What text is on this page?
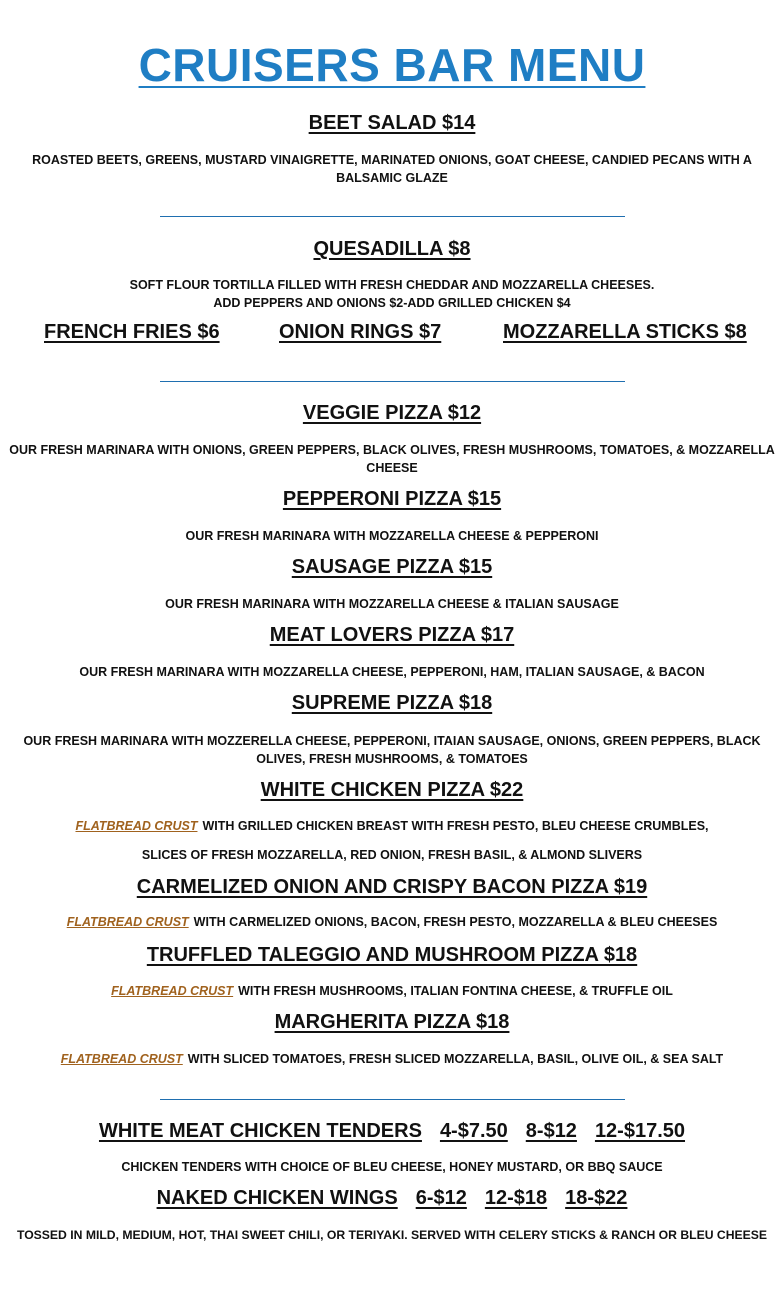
CRUISERS BAR MENU
BEET SALAD $14
ROASTED BEETS, GREENS, MUSTARD VINAIGRETTE, MARINATED ONIONS, GOAT CHEESE, CANDIED PECANS WITH A BALSAMIC GLAZE
QUESADILLA $8
SOFT FLOUR TORTILLA FILLED WITH FRESH CHEDDAR AND MOZZARELLA CHEESES.
ADD PEPPERS AND ONIONS $2-ADD GRILLED CHICKEN $4
FRENCH FRIES $6	ONION RINGS $7	MOZZARELLA STICKS $8
VEGGIE PIZZA $12
OUR FRESH MARINARA WITH ONIONS, GREEN PEPPERS, BLACK OLIVES, FRESH MUSHROOMS, TOMATOES, & MOZZARELLA CHEESE
PEPPERONI PIZZA $15
OUR FRESH MARINARA WITH MOZZARELLA CHEESE & PEPPERONI
SAUSAGE PIZZA $15
OUR FRESH MARINARA WITH MOZZARELLA CHEESE & ITALIAN SAUSAGE
MEAT LOVERS PIZZA $17
OUR FRESH MARINARA WITH MOZZARELLA CHEESE, PEPPERONI, HAM, ITALIAN SAUSAGE, & BACON
SUPREME PIZZA $18
OUR FRESH MARINARA WITH MOZZERELLA CHEESE, PEPPERONI, ITAIAN SAUSAGE, ONIONS, GREEN PEPPERS, BLACK OLIVES, FRESH MUSHROOMS, & TOMATOES
WHITE CHICKEN PIZZA $22
FLATBREAD CRUST WITH GRILLED CHICKEN BREAST WITH FRESH PESTO, BLEU CHEESE CRUMBLES,
SLICES OF FRESH MOZZARELLA, RED ONION, FRESH BASIL, & ALMOND SLIVERS
CARMELIZED ONION AND CRISPY BACON PIZZA $19
FLATBREAD CRUST WITH CARMELIZED ONIONS, BACON, FRESH PESTO, MOZZARELLA & BLEU CHEESES
TRUFFLED TALEGGIO AND MUSHROOM PIZZA $18
FLATBREAD CRUST WITH FRESH MUSHROOMS, ITALIAN FONTINA CHEESE, & TRUFFLE OIL
MARGHERITA PIZZA $18
FLATBREAD CRUST WITH SLICED TOMATOES, FRESH SLICED MOZZARELLA, BASIL, OLIVE OIL, & SEA SALT
WHITE MEAT CHICKEN TENDERS 4-$7.50 8-$12 12-$17.50
CHICKEN TENDERS WITH CHOICE OF BLEU CHEESE, HONEY MUSTARD, OR BBQ SAUCE
NAKED CHICKEN WINGS 6-$12 12-$18 18-$22
TOSSED IN MILD, MEDIUM, HOT, THAI SWEET CHILI, OR TERIYAKI. SERVED WITH CELERY STICKS & RANCH OR BLEU CHEESE
